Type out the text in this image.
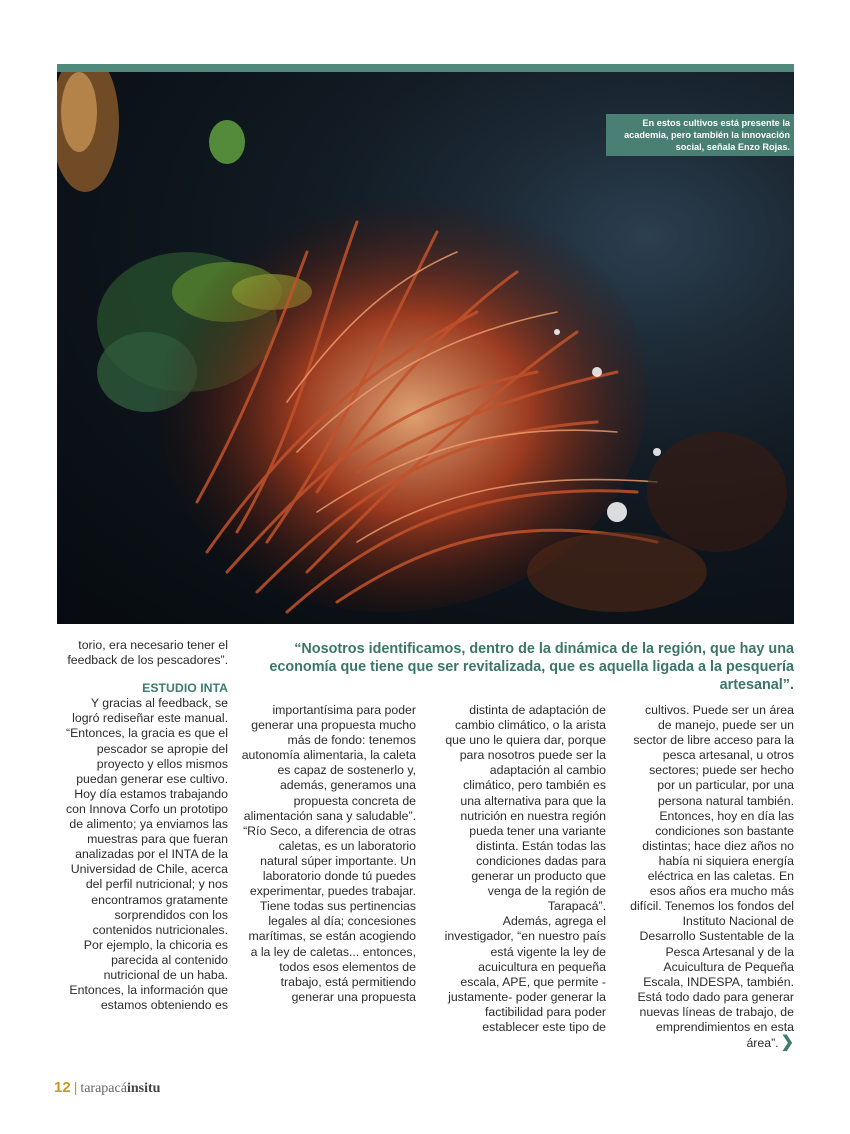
En estos cultivos está presente la academia, pero también la innovación social, señala Enzo Rojas.
“Nosotros identificamos, dentro de la dinámica de la región, que hay una economía que tiene que ser revitalizada, que es aquella ligada a la pesquería artesanal”.

torio, era necesario tener el feedback de los pescadores”.

ESTUDIO INTA

Y gracias al feedback, se logró rediseñar este manual. “Entonces, la gracia es que el pescador se apropie del proyecto y ellos mismos puedan generar ese cultivo. Hoy día estamos trabajando con Innova Corfo un prototipo de alimento; ya enviamos las muestras para que fueran analizadas por el INTA de la Universidad de Chile, acerca del perfil nutricional; y nos encontramos gratamente sorprendidos con los contenidos nutricionales.

Por ejemplo, la chicoria es parecida al contenido nutricional de un haba. Entonces, la información que estamos obteniendo es

importantísima para poder generar una propuesta mucho más de fondo: tenemos autonomía alimentaria, la caleta es capaz de sostenerlo y, además, generamos una propuesta concreta de alimentación sana y saludable”.

“Río Seco, a diferencia de otras caletas, es un laboratorio natural súper importante. Un laboratorio donde tú puedes experimentar, puedes trabajar. Tiene todas sus pertinencias legales al día; concesiones marítimas, se están acogiendo a la ley de caletas... entonces, todos esos elementos de trabajo, está permitiendo generar una propuesta

distinta de adaptación de cambio climático, o la arista que uno le quiera dar, porque para nosotros puede ser la adaptación al cambio climático, pero también es una alternativa para que la nutrición en nuestra región pueda tener una variante distinta. Están todas las condiciones dadas para generar un producto que venga de la región de Tarapacá”.

Además, agrega el investigador, “en nuestro país está vigente la ley de acuicultura en pequeña escala, APE, que permite -justamente- poder generar la factibilidad para poder establecer este tipo de

cultivos. Puede ser un área de manejo, puede ser un sector de libre acceso para la pesca artesanal, u otros sectores; puede ser hecho por un particular, por una persona natural también. Entonces, hoy en día las condiciones son bastante distintas; hace diez años no había ni siquiera energía eléctrica en las caletas. En esos años era mucho más difícil. Tenemos los fondos del Instituto Nacional de Desarrollo Sustentable de la Pesca Artesanal y de la Acuicultura de Pequeña Escala, INDESPA, también. Está todo dado para generar nuevas líneas de trabajo, de emprendimientos en esta área”. ❯

12 | tarapacáinsitu
